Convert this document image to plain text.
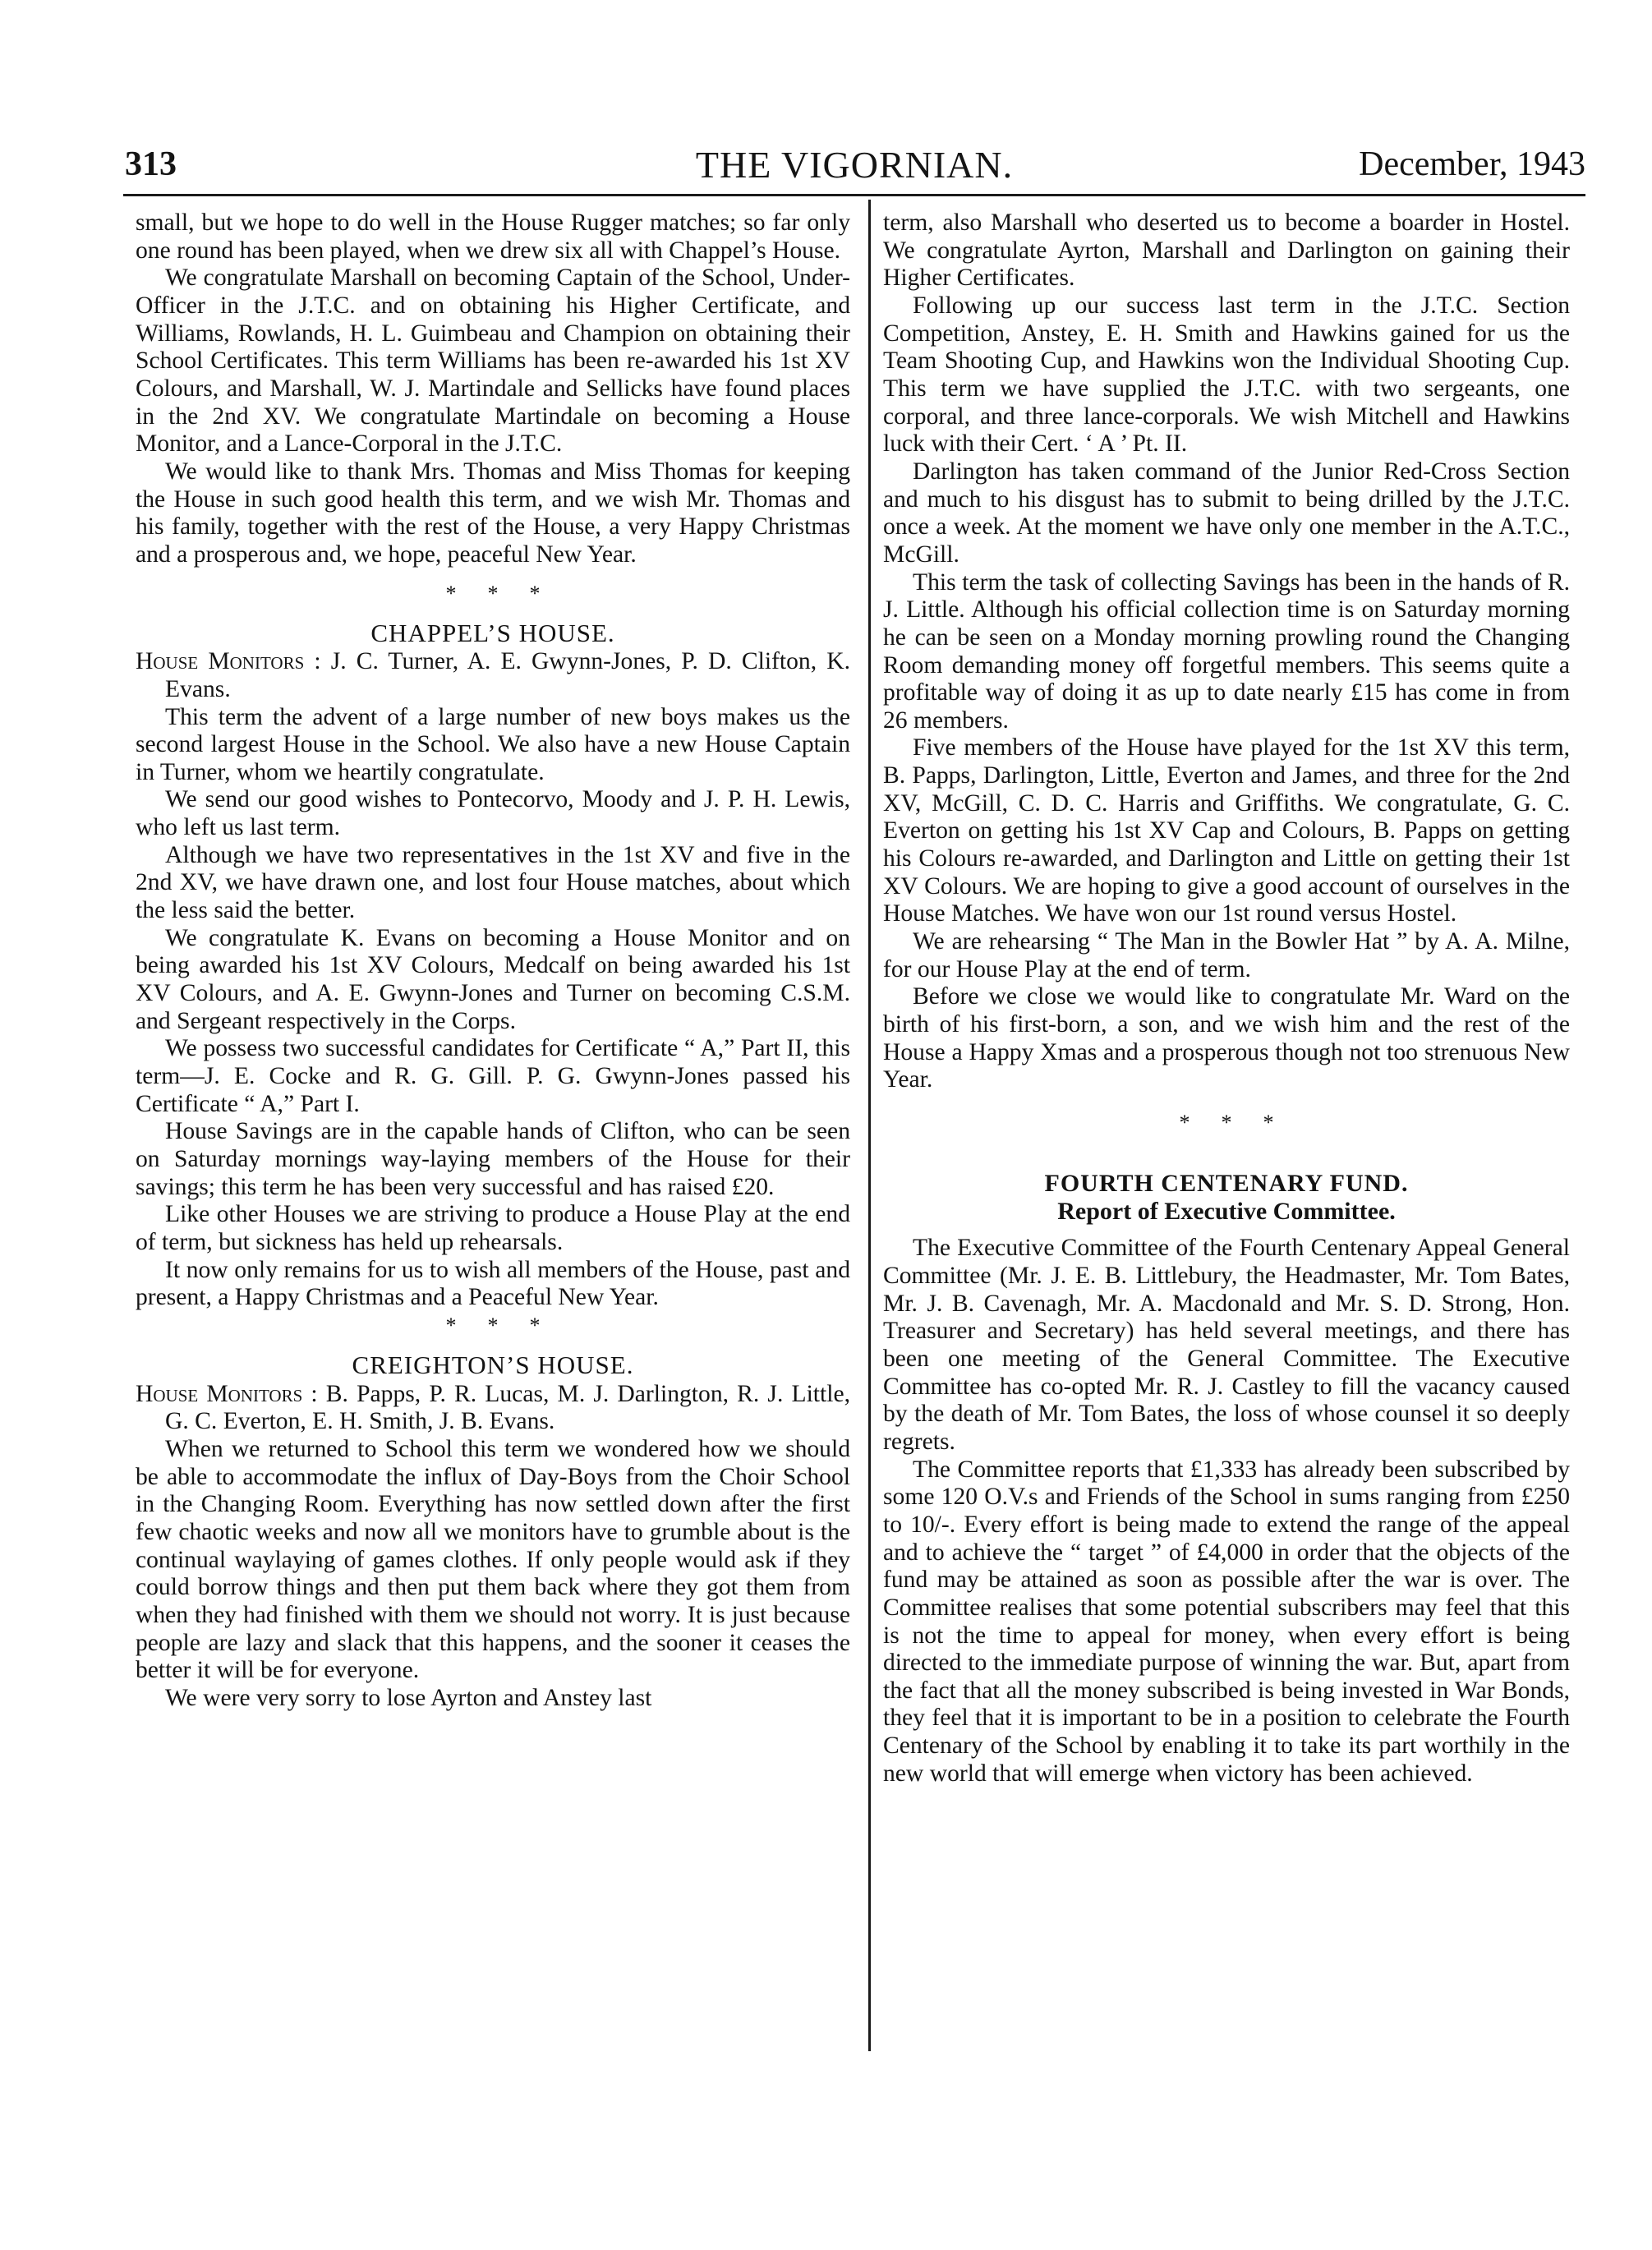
313	THE VIGORNIAN.	December, 1943

small, but we hope to do well in the House Rugger matches; so far only one round has been played, when we drew six all with Chappel’s House.

We congratulate Marshall on becoming Captain of the School, Under-Officer in the J.T.C. and on obtaining his Higher Certificate, and Williams, Rowlands, H. L. Guimbeau and Champion on obtaining their School Certificates. This term Williams has been re-awarded his 1st XV Colours, and Marshall, W. J. Martindale and Sellicks have found places in the 2nd XV. We congratulate Martindale on becoming a House Monitor, and a Lance-Corporal in the J.T.C.

We would like to thank Mrs. Thomas and Miss Thomas for keeping the House in such good health this term, and we wish Mr. Thomas and his family, together with the rest of the House, a very Happy Christmas and a prosperous and, we hope, peaceful New Year.

***
CHAPPEL’S HOUSE.

House Monitors : J. C. Turner, A. E. Gwynn-Jones, P. D. Clifton, K. Evans.

This term the advent of a large number of new boys makes us the second largest House in the School. We also have a new House Captain in Turner, whom we heartily congratulate.

We send our good wishes to Pontecorvo, Moody and J. P. H. Lewis, who left us last term.

Although we have two representatives in the 1st XV and five in the 2nd XV, we have drawn one, and lost four House matches, about which the less said the better.

We congratulate K. Evans on becoming a House Monitor and on being awarded his 1st XV Colours, Medcalf on being awarded his 1st XV Colours, and A. E. Gwynn-Jones and Turner on becoming C.S.M. and Sergeant respectively in the Corps.

We possess two successful candidates for Certificate “ A,” Part II, this term—J. E. Cocke and R. G. Gill. P. G. Gwynn-Jones passed his Certificate “ A,” Part I.

House Savings are in the capable hands of Clifton, who can be seen on Saturday mornings way-laying members of the House for their savings; this term he has been very successful and has raised £20.

Like other Houses we are striving to produce a House Play at the end of term, but sickness has held up rehearsals.

It now only remains for us to wish all members of the House, past and present, a Happy Christmas and a Peaceful New Year.

***
CREIGHTON’S HOUSE.

House Monitors : B. Papps, P. R. Lucas, M. J. Darlington, R. J. Little, G. C. Everton, E. H. Smith, J. B. Evans.

When we returned to School this term we wondered how we should be able to accommodate the influx of Day-Boys from the Choir School in the Changing Room. Everything has now settled down after the first few chaotic weeks and now all we monitors have to grumble about is the continual waylaying of games clothes. If only people would ask if they could borrow things and then put them back where they got them from when they had finished with them we should not worry. It is just because people are lazy and slack that this happens, and the sooner it ceases the better it will be for everyone.

We were very sorry to lose Ayrton and Anstey last

term, also Marshall who deserted us to become a boarder in Hostel. We congratulate Ayrton, Marshall and Darlington on gaining their Higher Certificates.

Following up our success last term in the J.T.C. Section Competition, Anstey, E. H. Smith and Hawkins gained for us the Team Shooting Cup, and Hawkins won the Individual Shooting Cup. This term we have supplied the J.T.C. with two sergeants, one corporal, and three lance-corporals. We wish Mitchell and Hawkins luck with their Cert. ‘ A ’ Pt. II.

Darlington has taken command of the Junior Red-Cross Section and much to his disgust has to submit to being drilled by the J.T.C. once a week. At the moment we have only one member in the A.T.C., McGill.

This term the task of collecting Savings has been in the hands of R. J. Little. Although his official collection time is on Saturday morning he can be seen on a Monday morning prowling round the Changing Room demanding money off forgetful members. This seems quite a profitable way of doing it as up to date nearly £15 has come in from 26 members.

Five members of the House have played for the 1st XV this term, B. Papps, Darlington, Little, Everton and James, and three for the 2nd XV, McGill, C. D. C. Harris and Griffiths. We congratulate, G. C. Everton on getting his 1st XV Cap and Colours, B. Papps on getting his Colours re-awarded, and Darlington and Little on getting their 1st XV Colours. We are hoping to give a good account of ourselves in the House Matches. We have won our 1st round versus Hostel.

We are rehearsing “ The Man in the Bowler Hat ” by A. A. Milne, for our House Play at the end of term.

Before we close we would like to congratulate Mr. Ward on the birth of his first-born, a son, and we wish him and the rest of the House a Happy Xmas and a prosperous though not too strenuous New Year.

***
FOURTH CENTENARY FUND.
Report of Executive Committee.

The Executive Committee of the Fourth Centenary Appeal General Committee (Mr. J. E. B. Littlebury, the Headmaster, Mr. Tom Bates, Mr. J. B. Cavenagh, Mr. A. Macdonald and Mr. S. D. Strong, Hon. Treasurer and Secretary) has held several meetings, and there has been one meeting of the General Committee. The Executive Committee has co-opted Mr. R. J. Castley to fill the vacancy caused by the death of Mr. Tom Bates, the loss of whose counsel it so deeply regrets.

The Committee reports that £1,333 has already been subscribed by some 120 O.V.s and Friends of the School in sums ranging from £250 to 10/-. Every effort is being made to extend the range of the appeal and to achieve the “ target ” of £4,000 in order that the objects of the fund may be attained as soon as possible after the war is over. The Committee realises that some potential subscribers may feel that this is not the time to appeal for money, when every effort is being directed to the immediate purpose of winning the war. But, apart from the fact that all the money subscribed is being invested in War Bonds, they feel that it is important to be in a position to celebrate the Fourth Centenary of the School by enabling it to take its part worthily in the new world that will emerge when victory has been achieved.
